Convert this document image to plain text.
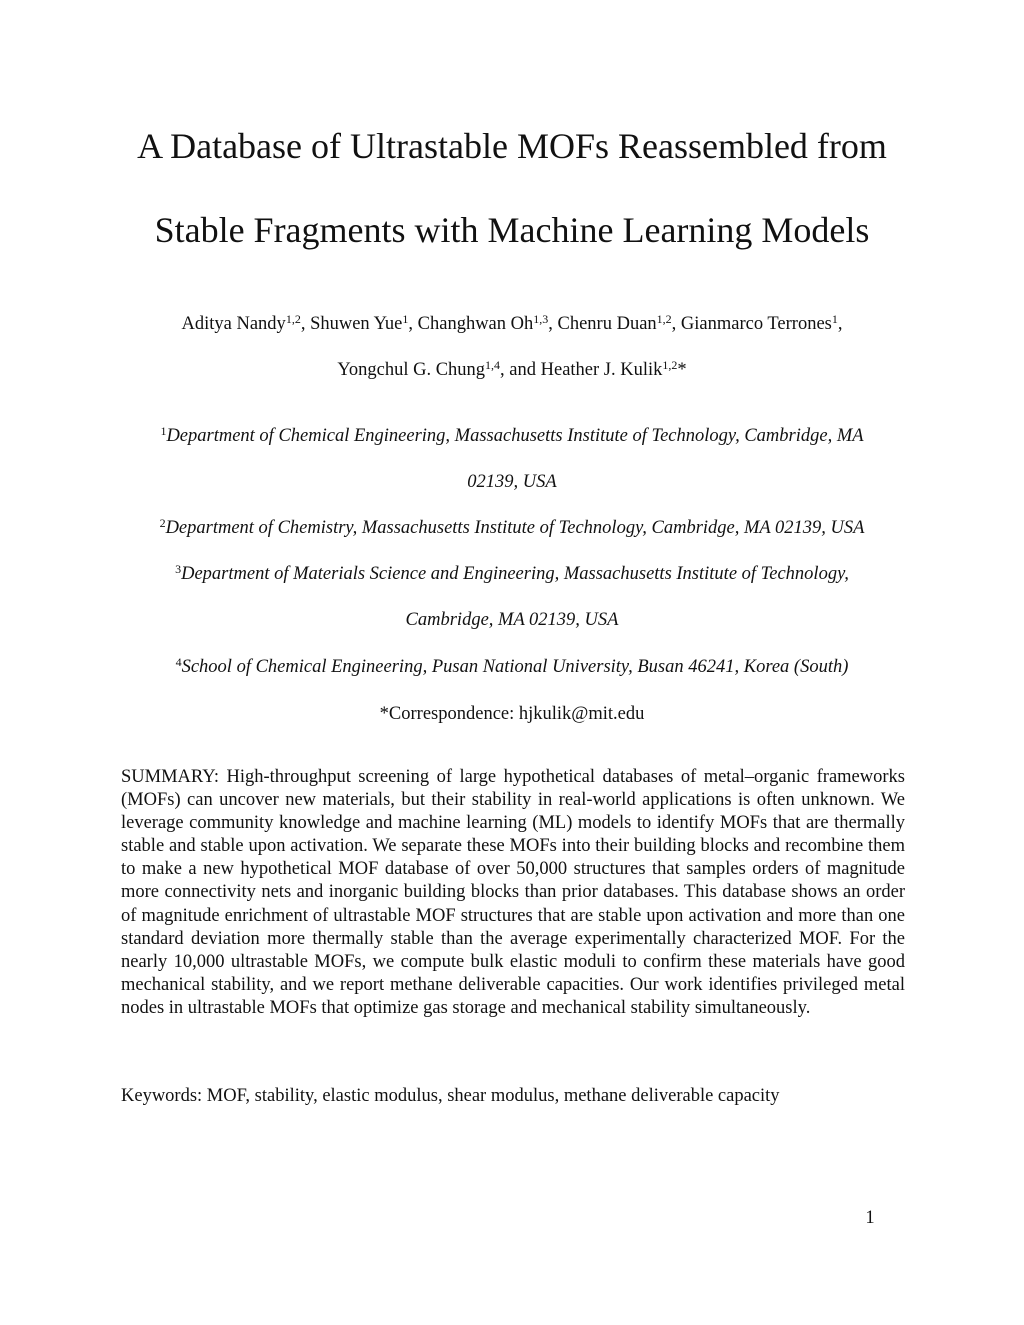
A Database of Ultrastable MOFs Reassembled from
Stable Fragments with Machine Learning Models
Aditya Nandy$^{1,2}$, Shuwen Yue$^1$, Changhwan Oh$^{1,3}$, Chenru Duan$^{1,2}$, Gianmarco Terrones$^1$,
Yongchul G. Chung$^{1,4}$, and Heather J. Kulik$^{1,2}$*
$^1$Department of Chemical Engineering, Massachusetts Institute of Technology, Cambridge, MA
02139, USA
$^2$Department of Chemistry, Massachusetts Institute of Technology, Cambridge, MA 02139, USA
$^3$Department of Materials Science and Engineering, Massachusetts Institute of Technology,
Cambridge, MA 02139, USA
$^4$School of Chemical Engineering, Pusan National University, Busan 46241, Korea (South)
*Correspondence: hjkulik@mit.edu

SUMMARY: High-throughput screening of large hypothetical databases of metal–organic frameworks (MOFs) can uncover new materials, but their stability in real-world applications is often unknown. We leverage community knowledge and machine learning (ML) models to identify MOFs that are thermally stable and stable upon activation. We separate these MOFs into their building blocks and recombine them to make a new hypothetical MOF database of over 50,000 structures that samples orders of magnitude more connectivity nets and inorganic building blocks than prior databases. This database shows an order of magnitude enrichment of ultrastable MOF structures that are stable upon activation and more than one standard deviation more thermally stable than the average experimentally characterized MOF. For the nearly 10,000 ultrastable MOFs, we compute bulk elastic moduli to confirm these materials have good mechanical stability, and we report methane deliverable capacities. Our work identifies privileged metal nodes in ultrastable MOFs that optimize gas storage and mechanical stability simultaneously.

Keywords: MOF, stability, elastic modulus, shear modulus, methane deliverable capacity

1
